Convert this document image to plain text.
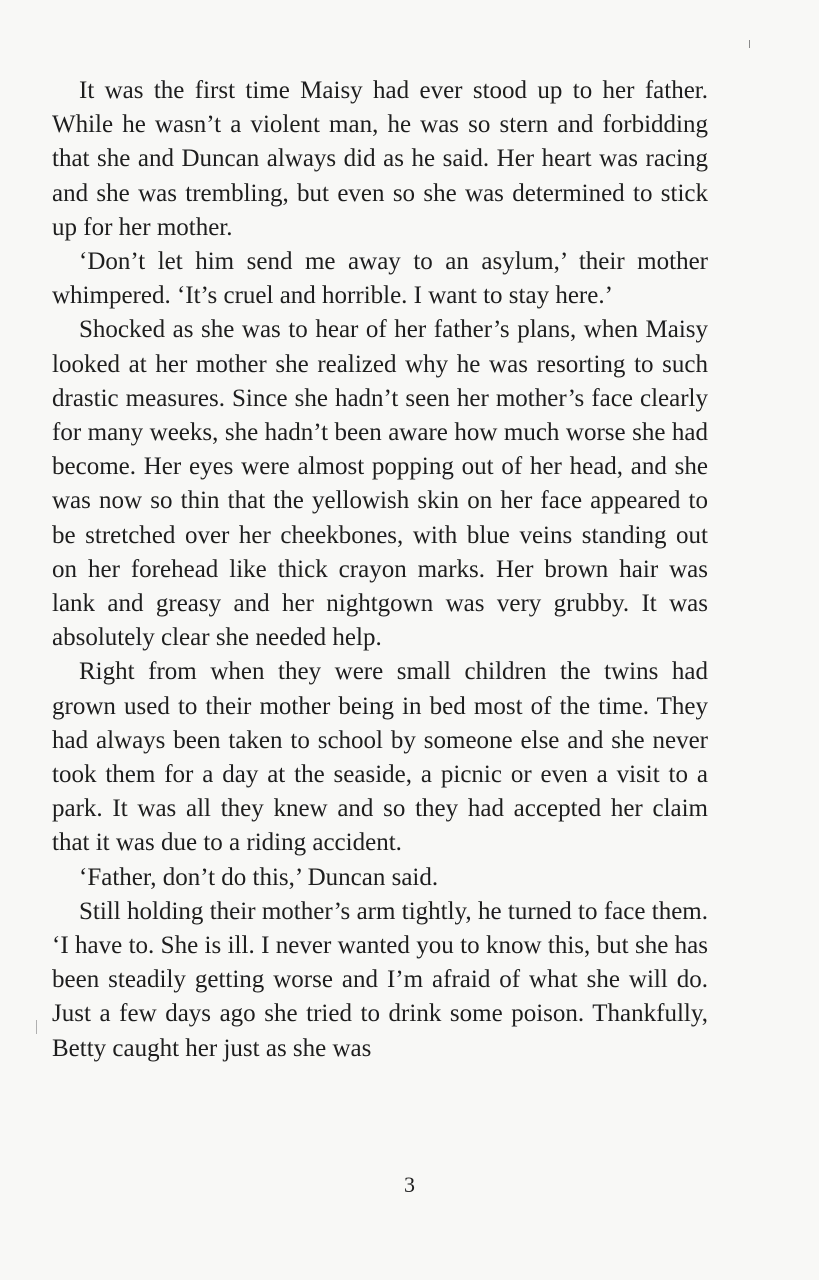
It was the first time Maisy had ever stood up to her father. While he wasn’t a violent man, he was so stern and forbidding that she and Duncan always did as he said. Her heart was racing and she was trembling, but even so she was determined to stick up for her mother.

‘Don’t let him send me away to an asylum,’ their mother whimpered. ‘It’s cruel and horrible. I want to stay here.’

Shocked as she was to hear of her father’s plans, when Maisy looked at her mother she realized why he was resorting to such drastic measures. Since she hadn’t seen her mother’s face clearly for many weeks, she hadn’t been aware how much worse she had become. Her eyes were almost popping out of her head, and she was now so thin that the yellowish skin on her face appeared to be stretched over her cheekbones, with blue veins standing out on her forehead like thick crayon marks. Her brown hair was lank and greasy and her nightgown was very grubby. It was absolutely clear she needed help.

Right from when they were small children the twins had grown used to their mother being in bed most of the time. They had always been taken to school by someone else and she never took them for a day at the seaside, a picnic or even a visit to a park. It was all they knew and so they had accepted her claim that it was due to a riding accident.

‘Father, don’t do this,’ Duncan said.

Still holding their mother’s arm tightly, he turned to face them. ‘I have to. She is ill. I never wanted you to know this, but she has been steadily getting worse and I’m afraid of what she will do. Just a few days ago she tried to drink some poison. Thankfully, Betty caught her just as she was

3
